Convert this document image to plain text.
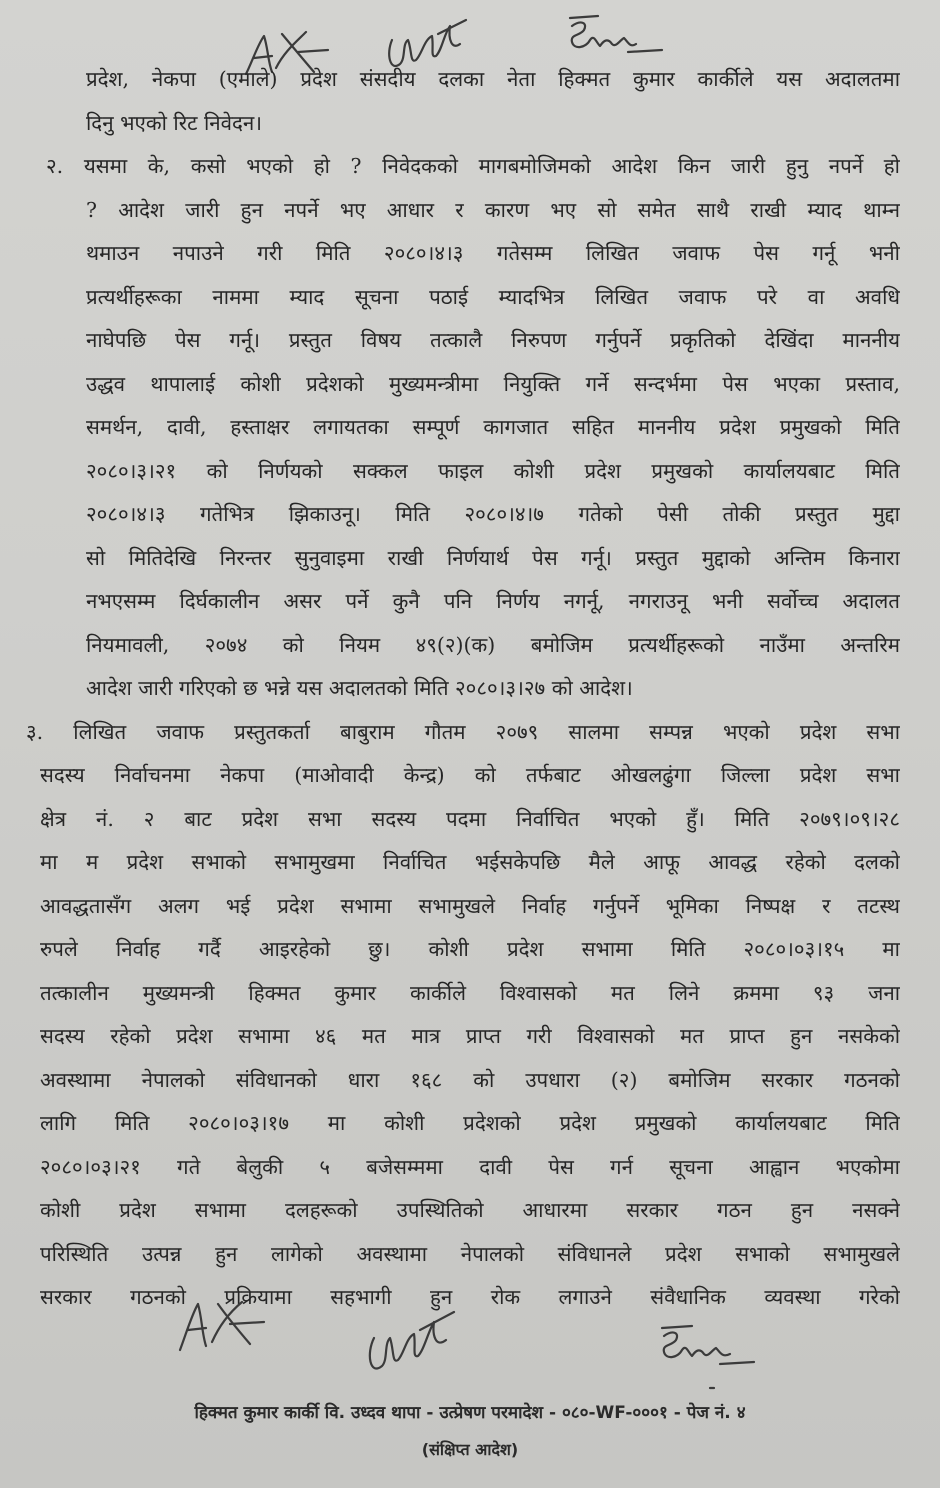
प्रदेश, नेकपा (एमाले) प्रदेश संसदीय दलका नेता हिक्मत कुमार कार्कीले यस अदालतमा
दिनु भएको रिट निवेदन।
२. यसमा के, कसो भएको हो ? निवेदकको मागबमोजिमको आदेश किन जारी हुनु नपर्ने हो
? आदेश जारी हुन नपर्ने भए आधार र कारण भए सो समेत साथै राखी म्याद थाम्न
थमाउन नपाउने गरी मिति २०८०।४।३ गतेसम्म लिखित जवाफ पेस गर्नू भनी
प्रत्यर्थीहरूका नाममा म्याद सूचना पठाई म्यादभित्र लिखित जवाफ परे वा अवधि
नाघेपछि पेस गर्नू। प्रस्तुत विषय तत्कालै निरुपण गर्नुपर्ने प्रकृतिको देखिंदा माननीय
उद्धव थापालाई कोशी प्रदेशको मुख्यमन्त्रीमा नियुक्ति गर्ने सन्दर्भमा पेस भएका प्रस्ताव,
समर्थन, दावी, हस्ताक्षर लगायतका सम्पूर्ण कागजात सहित माननीय प्रदेश प्रमुखको मिति
२०८०।३।२१ को निर्णयको सक्कल फाइल कोशी प्रदेश प्रमुखको कार्यालयबाट मिति
२०८०।४।३ गतेभित्र झिकाउनू। मिति २०८०।४।७ गतेको पेसी तोकी प्रस्तुत मुद्दा
सो मितिदेखि निरन्तर सुनुवाइमा राखी निर्णयार्थ पेस गर्नू। प्रस्तुत मुद्दाको अन्तिम किनारा
नभएसम्म दिर्घकालीन असर पर्ने कुनै पनि निर्णय नगर्नू, नगराउनू भनी सर्वोच्च अदालत
नियमावली, २०७४ को नियम ४९(२)(क) बमोजिम प्रत्यर्थीहरूको नाउँमा अन्तरिम
आदेश जारी गरिएको छ भन्ने यस अदालतको मिति २०८०।३।२७ को आदेश।
३. लिखित जवाफ प्रस्तुतकर्ता बाबुराम गौतम २०७९ सालमा सम्पन्न भएको प्रदेश सभा
सदस्य निर्वाचनमा नेकपा (माओवादी केन्द्र) को तर्फबाट ओखलढुंगा जिल्ला प्रदेश सभा
क्षेत्र नं. २ बाट प्रदेश सभा सदस्य पदमा निर्वाचित भएको हुँ। मिति २०७९।०९।२८
मा म प्रदेश सभाको सभामुखमा निर्वाचित भईसकेपछि मैले आफू आवद्ध रहेको दलको
आवद्धतासँग अलग भई प्रदेश सभामा सभामुखले निर्वाह गर्नुपर्ने भूमिका निष्पक्ष र तटस्थ
रुपले निर्वाह गर्दै आइरहेको छु। कोशी प्रदेश सभामा मिति २०८०।०३।१५ मा
तत्कालीन मुख्यमन्त्री हिक्मत कुमार कार्कीले विश्वासको मत लिने क्रममा ९३ जना
सदस्य रहेको प्रदेश सभामा ४६ मत मात्र प्राप्त गरी विश्वासको मत प्राप्त हुन नसकेको
अवस्थामा नेपालको संविधानको धारा १६८ को उपधारा (२) बमोजिम सरकार गठनको
लागि मिति २०८०।०३।१७ मा कोशी प्रदेशको प्रदेश प्रमुखको कार्यालयबाट मिति
२०८०।०३।२१ गते बेलुकी ५ बजेसम्ममा दावी पेस गर्न सूचना आह्वान भएकोमा
कोशी प्रदेश सभामा दलहरूको उपस्थितिको आधारमा सरकार गठन हुन नसक्ने
परिस्थिति उत्पन्न हुन लागेको अवस्थामा नेपालको संविधानले प्रदेश सभाको सभामुखले
सरकार गठनको प्रक्रियामा सहभागी हुन रोक लगाउने संवैधानिक व्यवस्था गरेको
हिक्मत कुमार कार्की वि. उध्दव थापा - उत्प्रेषण परमादेश - ०८०-WF-०००१ - पेज नं. ४
(संक्षिप्त आदेश)
